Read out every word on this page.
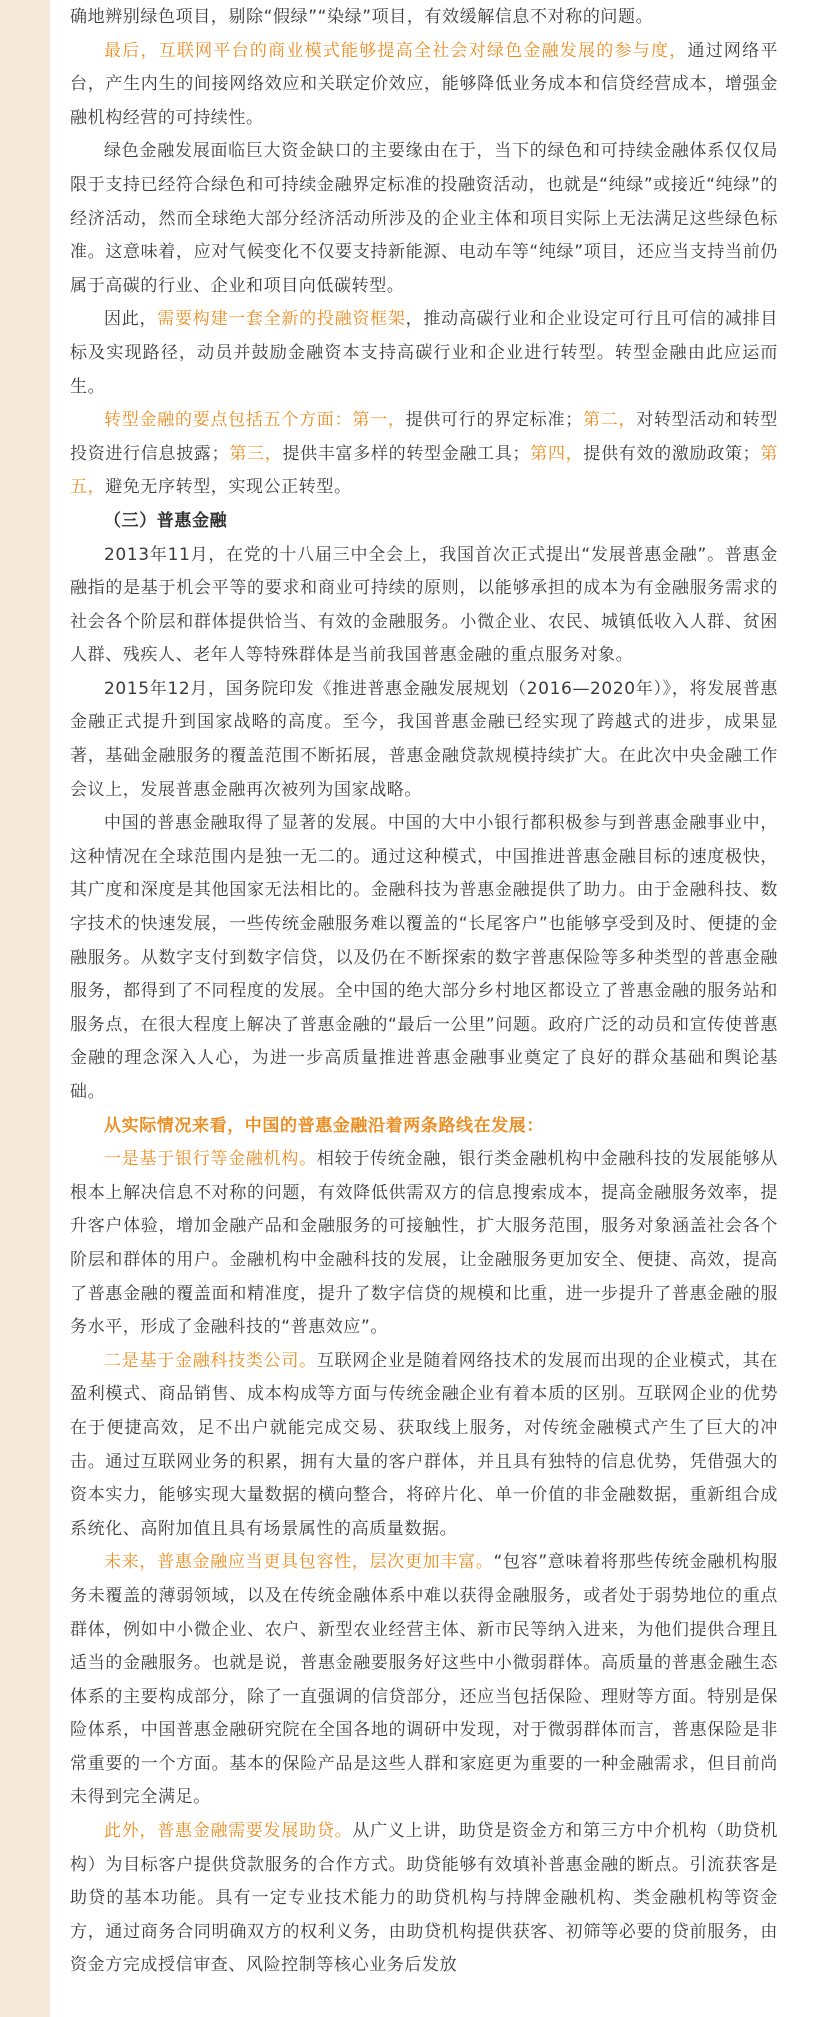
确地辨别绿色项目，剔除“假绿”“染绿”项目，有效缓解信息不对称的问题。

最后，互联网平台的商业模式能够提高全社会对绿色金融发展的参与度，通过网络平台，产生内生的间接网络效应和关联定价效应，能够降低业务成本和信贷经营成本，增强金融机构经营的可持续性。

绿色金融发展面临巨大资金缺口的主要缘由在于，当下的绿色和可持续金融体系仅仅局限于支持已经符合绿色和可持续金融界定标准的投融资活动，也就是“纯绿”或接近“纯绿”的经济活动，然而全球绝大部分经济活动所涉及的企业主体和项目实际上无法满足这些绿色标准。这意味着，应对气候变化不仅要支持新能源、电动车等“纯绿”项目，还应当支持当前仍属于高碳的行业、企业和项目向低碳转型。

因此，需要构建一套全新的投融资框架，推动高碳行业和企业设定可行且可信的减排目标及实现路径，动员并鼓励金融资本支持高碳行业和企业进行转型。转型金融由此应运而生。

转型金融的要点包括五个方面：第一，提供可行的界定标准；第二，对转型活动和转型投资进行信息披露；第三，提供丰富多样的转型金融工具；第四，提供有效的激励政策；第五，避免无序转型，实现公正转型。

（三）普惠金融

2013年11月，在党的十八届三中全会上，我国首次正式提出“发展普惠金融”。普惠金融指的是基于机会平等的要求和商业可持续的原则，以能够承担的成本为有金融服务需求的社会各个阶层和群体提供恰当、有效的金融服务。小微企业、农民、城镇低收入人群、贫困人群、残疾人、老年人等特殊群体是当前我国普惠金融的重点服务对象。

2015年12月，国务院印发《推进普惠金融发展规划（2016—2020年）》，将发展普惠金融正式提升到国家战略的高度。至今，我国普惠金融已经实现了跨越式的进步，成果显著，基础金融服务的覆盖范围不断拓展，普惠金融贷款规模持续扩大。在此次中央金融工作会议上，发展普惠金融再次被列为国家战略。

中国的普惠金融取得了显著的发展。中国的大中小银行都积极参与到普惠金融事业中，这种情况在全球范围内是独一无二的。通过这种模式，中国推进普惠金融目标的速度极快，其广度和深度是其他国家无法相比的。金融科技为普惠金融提供了助力。由于金融科技、数字技术的快速发展，一些传统金融服务难以覆盖的“长尾客户”也能够享受到及时、便捷的金融服务。从数字支付到数字信贷，以及仍在不断探索的数字普惠保险等多种类型的普惠金融服务，都得到了不同程度的发展。全中国的绝大部分乡村地区都设立了普惠金融的服务站和服务点，在很大程度上解决了普惠金融的“最后一公里”问题。政府广泛的动员和宣传使普惠金融的理念深入人心，为进一步高质量推进普惠金融事业奠定了良好的群众基础和舆论基础。

从实际情况来看，中国的普惠金融沿着两条路线在发展：

一是基于银行等金融机构。相较于传统金融，银行类金融机构中金融科技的发展能够从根本上解决信息不对称的问题，有效降低供需双方的信息搜索成本，提高金融服务效率，提升客户体验，增加金融产品和金融服务的可接触性，扩大服务范围，服务对象涵盖社会各个阶层和群体的用户。金融机构中金融科技的发展，让金融服务更加安全、便捷、高效，提高了普惠金融的覆盖面和精准度，提升了数字信贷的规模和比重，进一步提升了普惠金融的服务水平，形成了金融科技的“普惠效应”。

二是基于金融科技类公司。互联网企业是随着网络技术的发展而出现的企业模式，其在盈利模式、商品销售、成本构成等方面与传统金融企业有着本质的区别。互联网企业的优势在于便捷高效，足不出户就能完成交易、获取线上服务，对传统金融模式产生了巨大的冲击。通过互联网业务的积累，拥有大量的客户群体，并且具有独特的信息优势，凭借强大的资本实力，能够实现大量数据的横向整合，将碎片化、单一价值的非金融数据，重新组合成系统化、高附加值且具有场景属性的高质量数据。

未来，普惠金融应当更具包容性，层次更加丰富。“包容”意味着将那些传统金融机构服务未覆盖的薄弱领域，以及在传统金融体系中难以获得金融服务，或者处于弱势地位的重点群体，例如中小微企业、农户、新型农业经营主体、新市民等纳入进来，为他们提供合理且适当的金融服务。也就是说，普惠金融要服务好这些中小微弱群体。高质量的普惠金融生态体系的主要构成部分，除了一直强调的信贷部分，还应当包括保险、理财等方面。特别是保险体系，中国普惠金融研究院在全国各地的调研中发现，对于微弱群体而言，普惠保险是非常重要的一个方面。基本的保险产品是这些人群和家庭更为重要的一种金融需求，但目前尚未得到完全满足。

此外，普惠金融需要发展助贷。从广义上讲，助贷是资金方和第三方中介机构（助贷机构）为目标客户提供贷款服务的合作方式。助贷能够有效填补普惠金融的断点。引流获客是助贷的基本功能。具有一定专业技术能力的助贷机构与持牌金融机构、类金融机构等资金方，通过商务合同明确双方的权利义务，由助贷机构提供获客、初筛等必要的贷前服务，由资金方完成授信审查、风险控制等核心业务后发放
